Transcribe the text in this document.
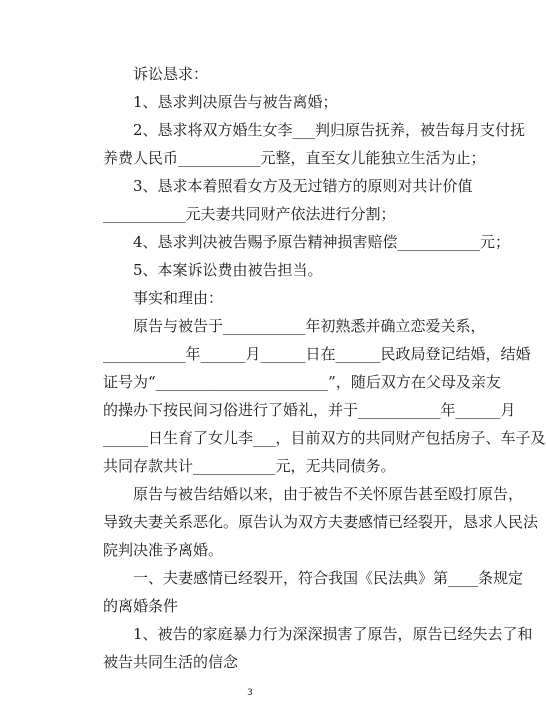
诉讼恳求：
1、恳求判决原告与被告离婚；
2、恳求将双方婚生女李___判归原告抚养，被告每月支付抚
养费人民币___________元整，直至女儿能独立生活为止；
3、恳求本着照看女方及无过错方的原则对共计价值
___________元夫妻共同财产依法进行分割；
4、恳求判决被告赐予原告精神损害赔偿___________元；
5、本案诉讼费由被告担当。
事实和理由：
原告与被告于___________年初熟悉并确立恋爱关系，
___________年______月______日在______民政局登记结婚，结婚
证号为“_______________________”，随后双方在父母及亲友
的操办下按民间习俗进行了婚礼，并于___________年______月
______日生育了女儿李___，目前双方的共同财产包括房子、车子及
共同存款共计___________元，无共同债务。
原告与被告结婚以来，由于被告不关怀原告甚至殴打原告，
导致夫妻关系恶化。原告认为双方夫妻感情已经裂开，恳求人民法
院判决准予离婚。
一、夫妻感情已经裂开，符合我国《民法典》第____条规定
的离婚条件
1、被告的家庭暴力行为深深损害了原告，原告已经失去了和
被告共同生活的信念
3
